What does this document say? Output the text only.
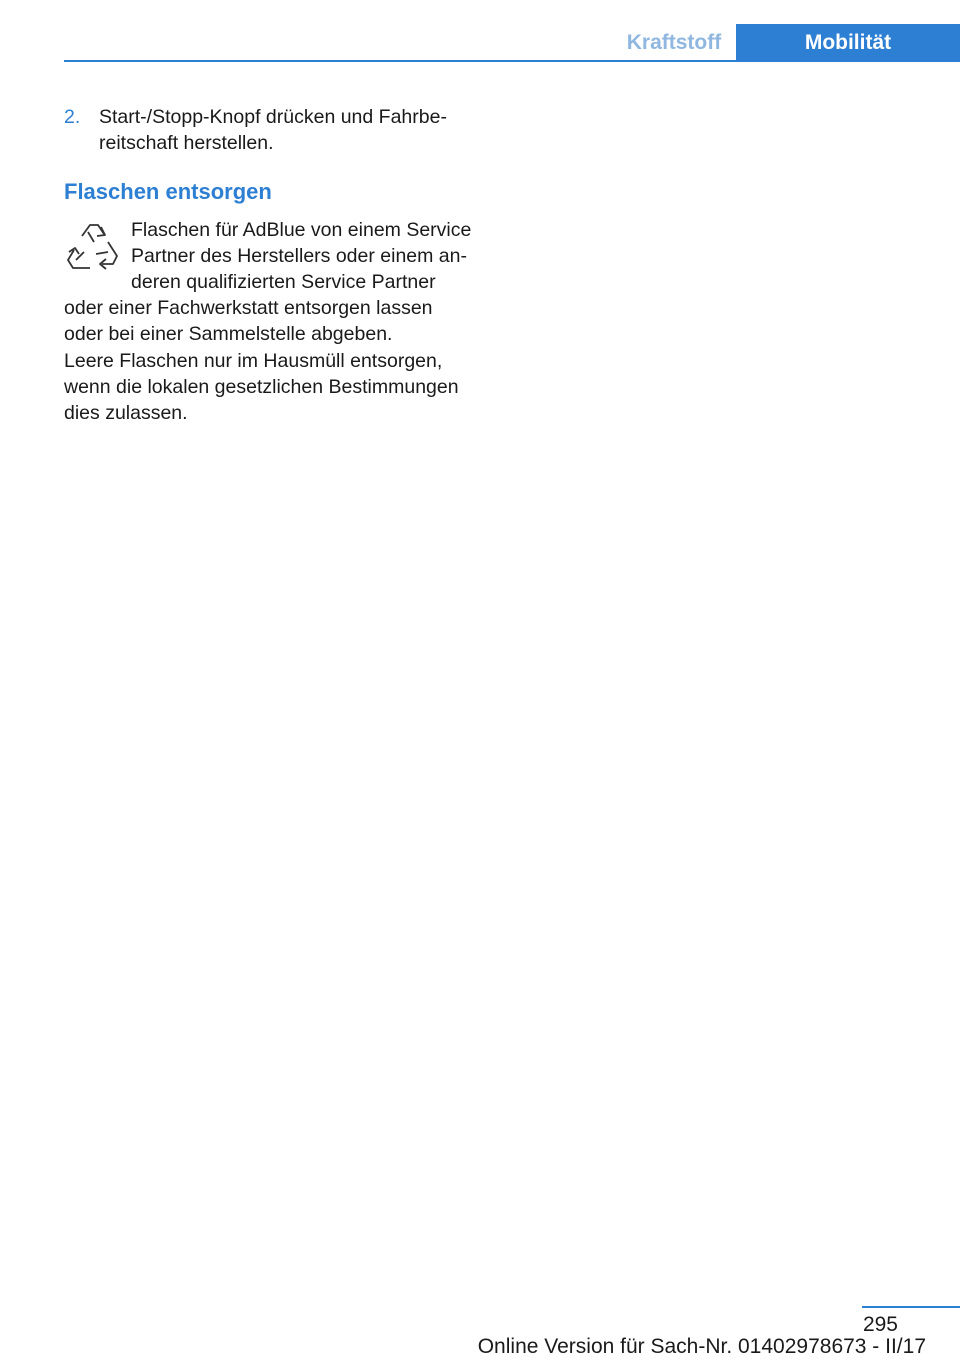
Kraftstoff	Mobilität
2. Start-/Stopp-Knopf drücken und Fahrbe‐
reitschaft herstellen.
Flaschen entsorgen
Flaschen für AdBlue von einem Service
Partner des Herstellers oder einem an‐
deren qualifizierten Service Partner
oder einer Fachwerkstatt entsorgen lassen
oder bei einer Sammelstelle abgeben.
Leere Flaschen nur im Hausmüll entsorgen,
wenn die lokalen gesetzlichen Bestimmungen
dies zulassen.
295
Online Version für Sach-Nr. 01402978673 - II/17
